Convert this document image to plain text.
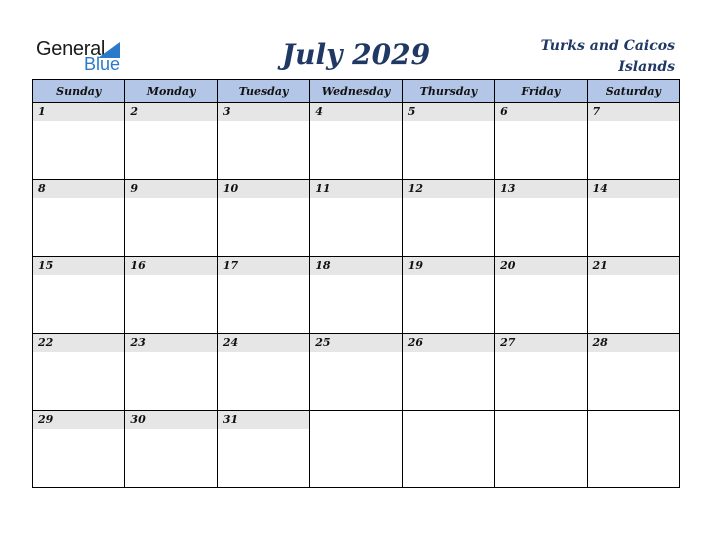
General
Blue	July 2029	Turks and Caicos Islands
Sunday	Monday	Tuesday	Wednesday	Thursday	Friday	Saturday

1	2	3	4	5	6	7

8	9	10	11	12	13	14

15	16	17	18	19	20	21

22	23	24	25	26	27	28

29	30	31				
